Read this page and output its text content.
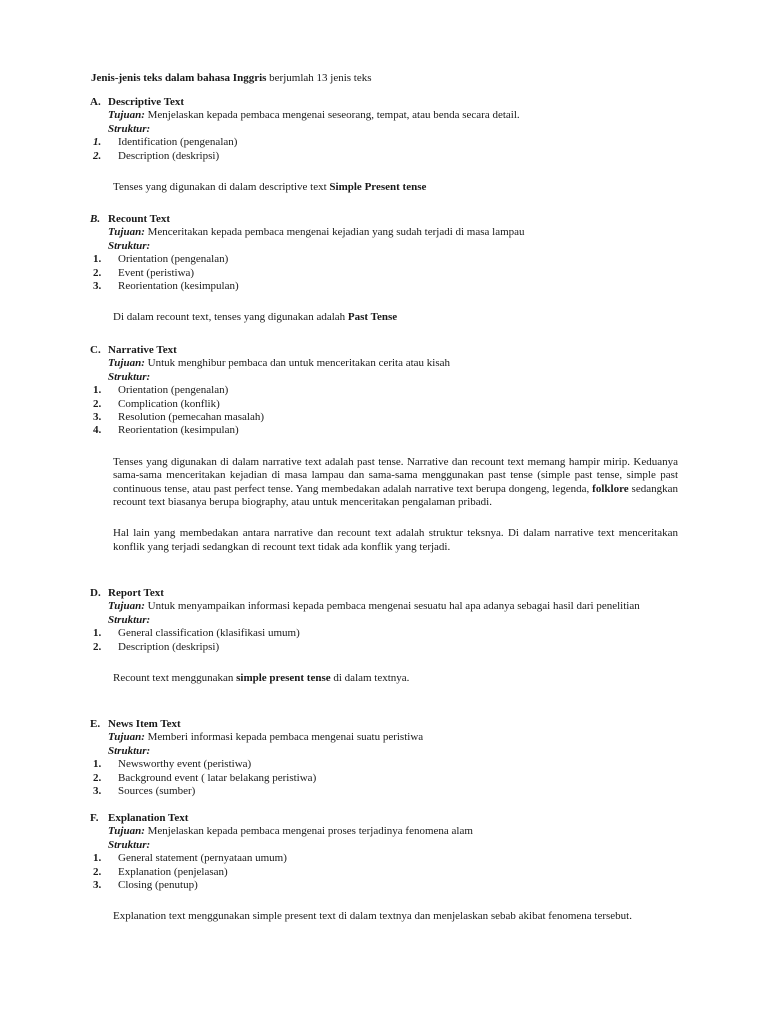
Jenis-jenis teks dalam bahasa Inggris berjumlah 13 jenis teks
A. Descriptive Text
Tujuan: Menjelaskan kepada pembaca mengenai seseorang, tempat, atau benda secara detail.
Struktur:
1. Identification (pengenalan)
2. Description (deskripsi)
Tenses yang digunakan di dalam descriptive text Simple Present tense
B. Recount Text
Tujuan: Menceritakan kepada pembaca mengenai kejadian yang sudah terjadi di masa lampau
Struktur:
1. Orientation (pengenalan)
2. Event (peristiwa)
3. Reorientation (kesimpulan)
Di dalam recount text, tenses yang digunakan adalah Past Tense
C. Narrative Text
Tujuan: Untuk menghibur pembaca dan untuk menceritakan cerita atau kisah
Struktur:
1. Orientation (pengenalan)
2. Complication (konflik)
3. Resolution (pemecahan masalah)
4. Reorientation (kesimpulan)
Tenses yang digunakan di dalam narrative text adalah past tense. Narrative dan recount text memang hampir mirip. Keduanya sama-sama menceritakan kejadian di masa lampau dan sama-sama menggunakan past tense (simple past tense, simple past continuous tense, atau past perfect tense. Yang membedakan adalah narrative text berupa dongeng, legenda, folklore sedangkan recount text biasanya berupa biography, atau untuk menceritakan pengalaman pribadi.
Hal lain yang membedakan antara narrative dan recount text adalah struktur teksnya. Di dalam narrative text menceritakan konflik yang terjadi sedangkan di recount text tidak ada konflik yang terjadi.
D. Report Text
Tujuan: Untuk menyampaikan informasi kepada pembaca mengenai sesuatu hal apa adanya sebagai hasil dari penelitian
Struktur:
1. General classification (klasifikasi umum)
2. Description (deskripsi)
Recount text menggunakan simple present tense di dalam textnya.
E. News Item Text
Tujuan: Memberi informasi kepada pembaca mengenai suatu peristiwa
Struktur:
1. Newsworthy event (peristiwa)
2. Background event ( latar belakang peristiwa)
3. Sources (sumber)
F. Explanation Text
Tujuan: Menjelaskan kepada pembaca mengenai proses terjadinya fenomena alam
Struktur:
1. General statement (pernyataan umum)
2. Explanation (penjelasan)
3. Closing (penutup)
Explanation text menggunakan simple present text di dalam textnya dan menjelaskan sebab akibat fenomena tersebut.
